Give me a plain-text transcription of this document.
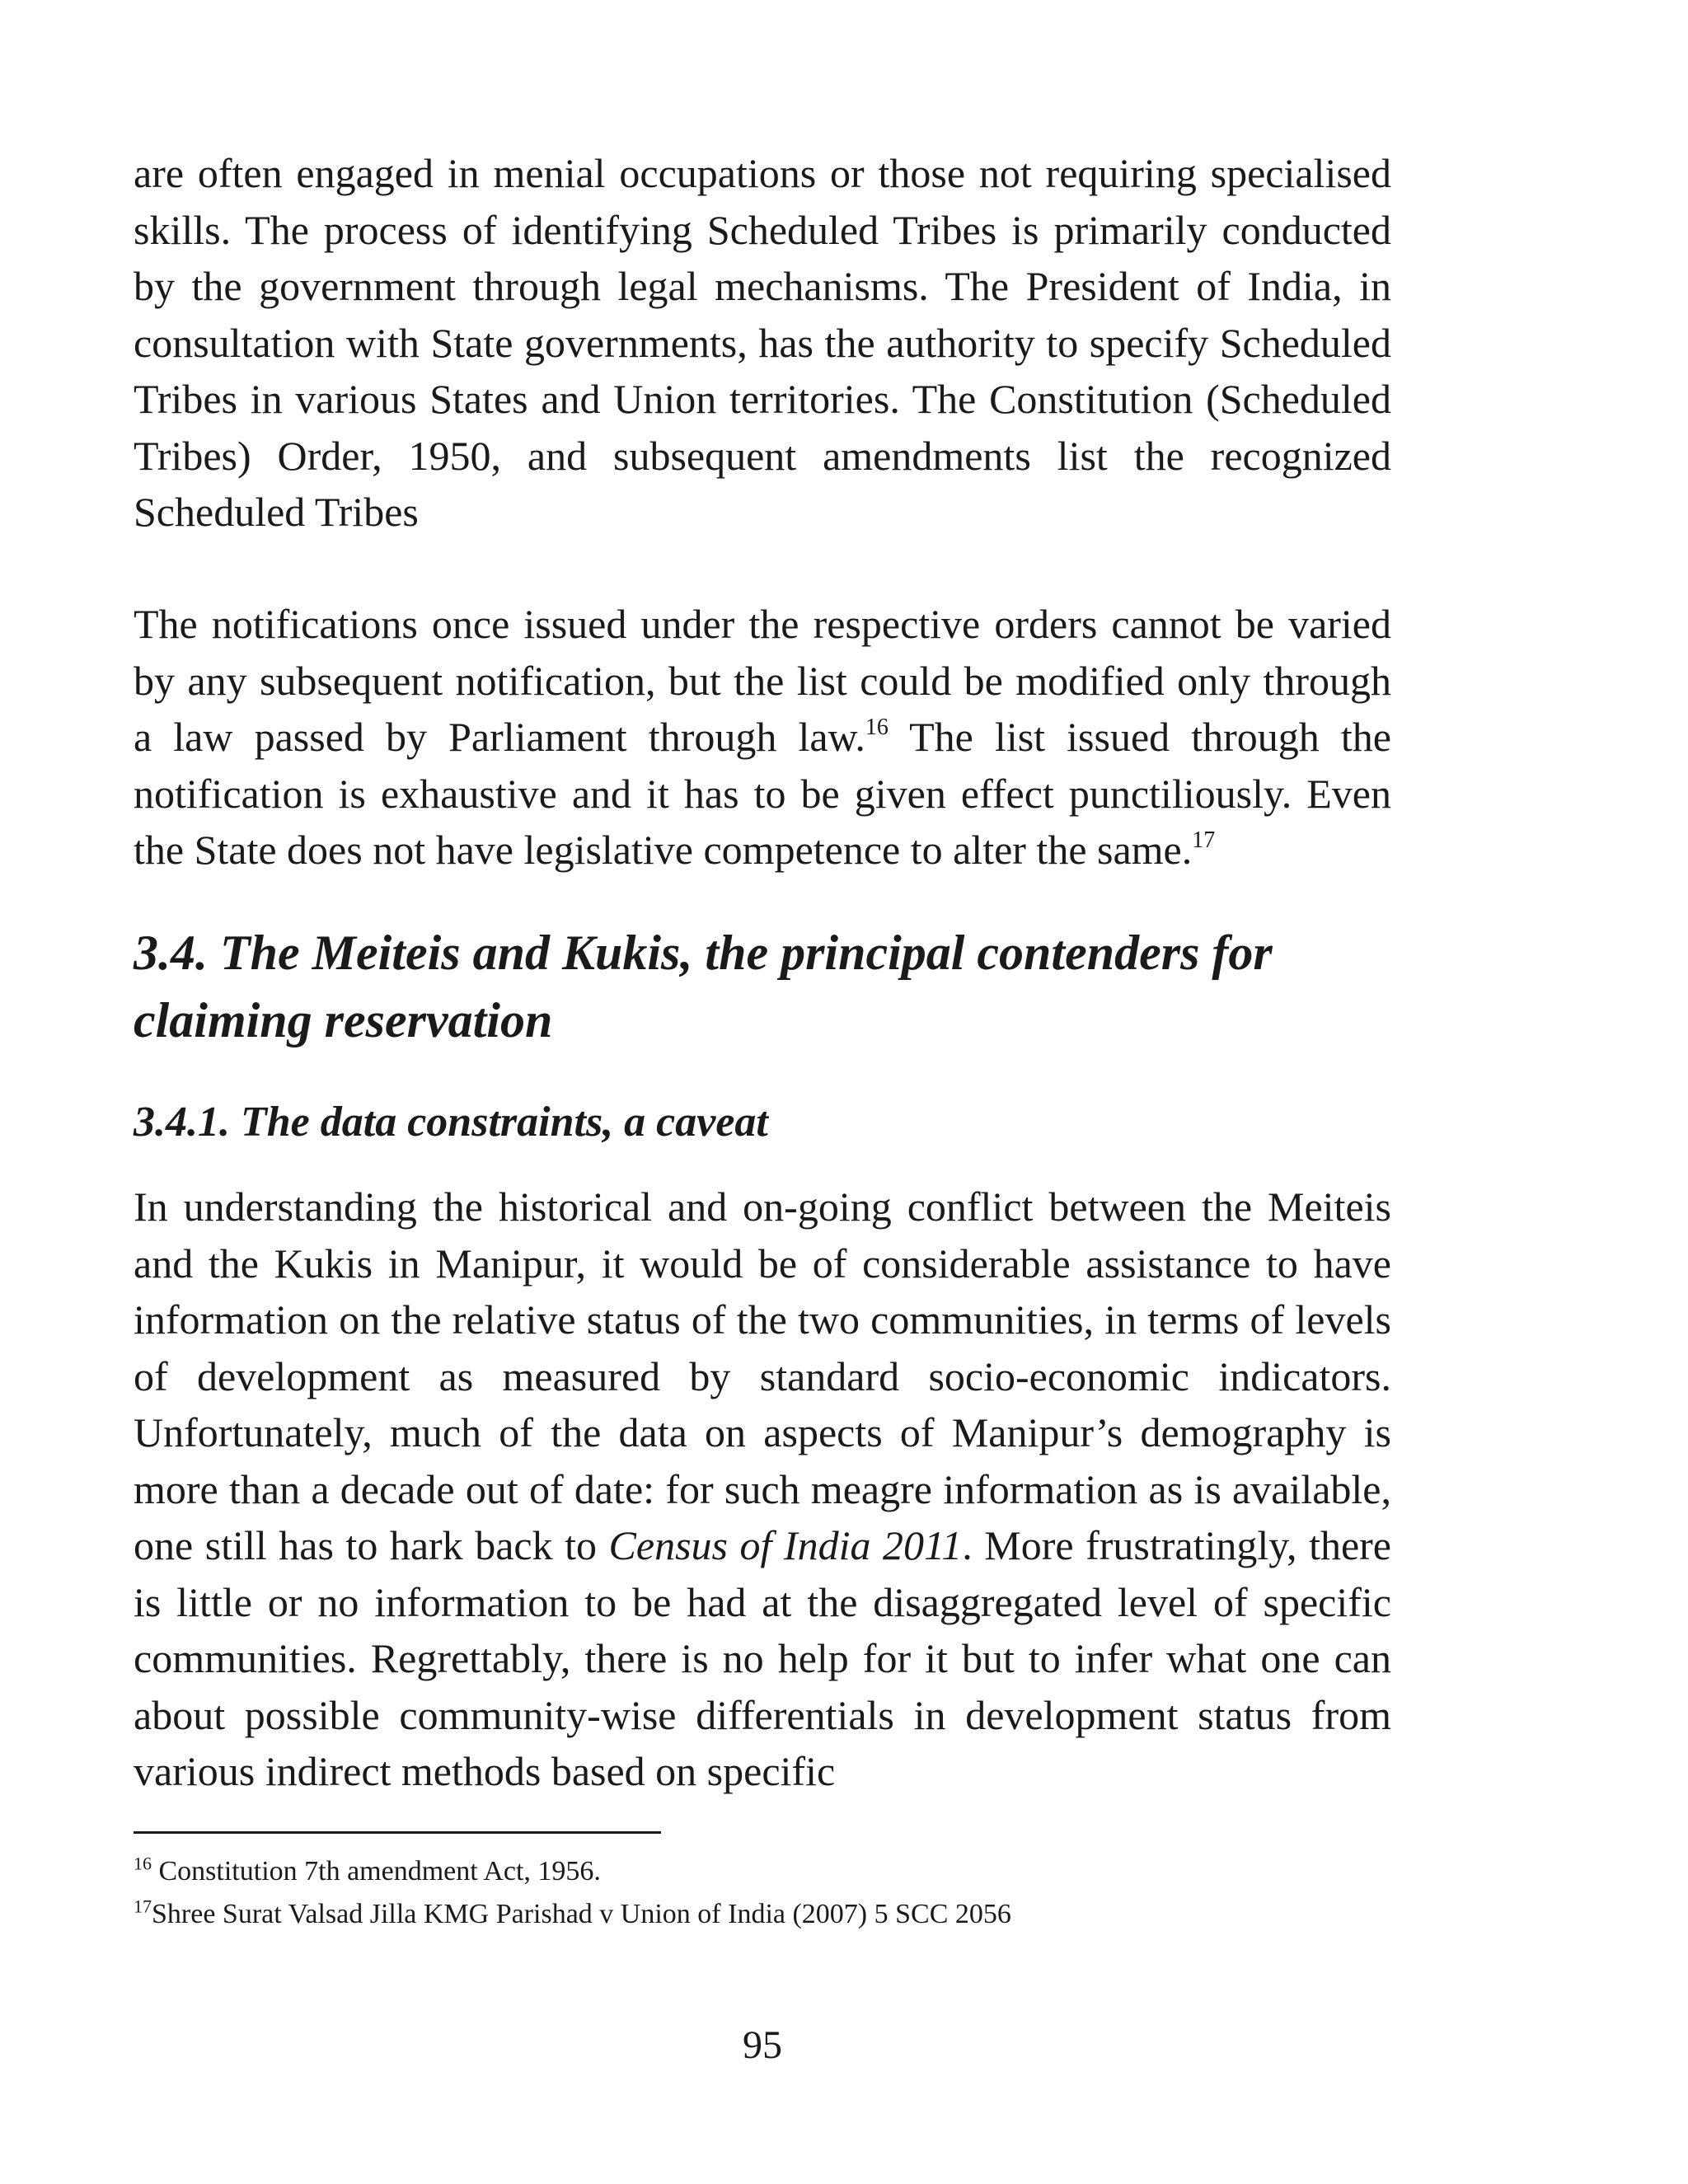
are often engaged in menial occupations or those not requiring specialised skills. The process of identifying Scheduled Tribes is primarily conducted by the government through legal mechanisms. The President of India, in consultation with State governments, has the authority to specify Scheduled Tribes in various States and Union territories. The Constitution (Scheduled Tribes) Order, 1950, and subsequent amendments list the recognized Scheduled Tribes

The notifications once issued under the respective orders cannot be varied by any subsequent notification, but the list could be modified only through a law passed by Parliament through law.$^{16}$ The list issued through the notification is exhaustive and it has to be given effect punctiliously. Even the State does not have legislative competence to alter the same.$^{17}$

3.4. The Meiteis and Kukis, the principal contenders for claiming reservation
3.4.1. The data constraints, a caveat

In understanding the historical and on-going conflict between the Meiteis and the Kukis in Manipur, it would be of considerable assistance to have information on the relative status of the two communities, in terms of levels of development as measured by standard socio-economic indicators. Unfortunately, much of the data on aspects of Manipur’s demography is more than a decade out of date: for such meagre information as is available, one still has to hark back to Census of India 2011. More frustratingly, there is little or no information to be had at the disaggregated level of specific communities. Regrettably, there is no help for it but to infer what one can about possible community-wise differentials in development status from various indirect methods based on specific

$^{16}$ Constitution 7th amendment Act, 1956.

$^{17}$Shree Surat Valsad Jilla KMG Parishad v Union of India (2007) 5 SCC 2056

95
